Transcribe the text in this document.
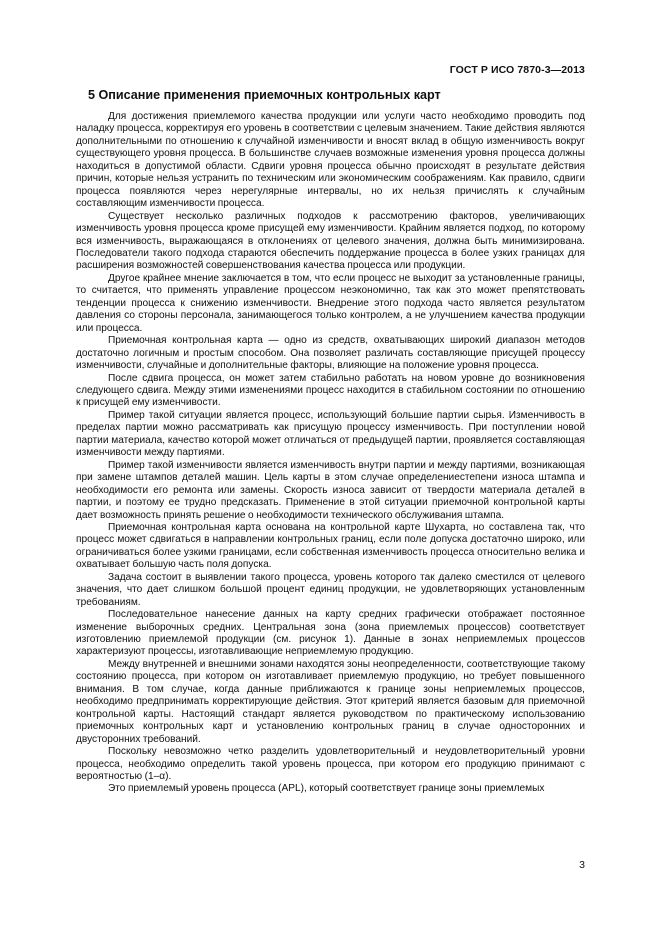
ГОСТ Р ИСО 7870-3—2013
5 Описание применения приемочных контрольных карт

Для достижения приемлемого качества продукции или услуги часто необходимо проводить под наладку процесса, корректируя его уровень в соответствии с целевым значением. Такие действия являются дополнительными по отношению к случайной изменчивости и вносят вклад в общую изменчивость вокруг существующего уровня процесса. В большинстве случаев возможные изменения уровня процесса должны находиться в допустимой области. Сдвиги уровня процесса обычно происходят в результате действия причин, которые нельзя устранить по техническим или экономическим соображениям. Как правило, сдвиги процесса появляются через нерегулярные интервалы, но их нельзя причислять к случайным составляющим изменчивости процесса.

Существует несколько различных подходов к рассмотрению факторов, увеличивающих изменчивость уровня процесса кроме присущей ему изменчивости. Крайним является подход, по которому вся изменчивость, выражающаяся в отклонениях от целевого значения, должна быть минимизирована. Последователи такого подхода стараются обеспечить поддержание процесса в более узких границах для расширения возможностей совершенствования качества процесса или продукции.

Другое крайнее мнение заключается в том, что если процесс не выходит за установленные границы, то считается, что применять управление процессом неэкономично, так как это может препятствовать тенденции процесса к снижению изменчивости. Внедрение этого подхода часто является результатом давления со стороны персонала, занимающегося только контролем, а не улучшением качества продукции или процесса.

Приемочная контрольная карта — одно из средств, охватывающих широкий диапазон методов достаточно логичным и простым способом. Она позволяет различать составляющие присущей процессу изменчивости, случайные и дополнительные факторы, влияющие на положение уровня процесса.

После сдвига процесса, он может затем стабильно работать на новом уровне до возникновения следующего сдвига. Между этими изменениями процесс находится в стабильном состоянии по отношению к присущей ему изменчивости.

Пример такой ситуации является процесс, использующий большие партии сырья. Изменчивость в пределах партии можно рассматривать как присущую процессу изменчивость. При поступлении новой партии материала, качество которой может отличаться от предыдущей партии, проявляется составляющая изменчивости между партиями.

Пример такой изменчивости является изменчивость внутри партии и между партиями, возникающая при замене штампов деталей машин. Цель карты в этом случае определениестепени износа штампа и необходимости его ремонта или замены. Скорость износа зависит от твердости материала деталей в партии, и поэтому ее трудно предсказать. Применение в этой ситуации приемочной контрольной карты дает возможность принять решение о необходимости технического обслуживания штампа.

Приемочная контрольная карта основана на контрольной карте Шухарта, но составлена так, что процесс может сдвигаться в направлении контрольных границ, если поле допуска достаточно широко, или ограничиваться более узкими границами, если собственная изменчивость процесса относительно велика и охватывает большую часть поля допуска.

Задача состоит в выявлении такого процесса, уровень которого так далеко сместился от целевого значения, что дает слишком большой процент единиц продукции, не удовлетворяющих установленным требованиям.

Последовательное нанесение данных на карту средних графически отображает постоянное изменение выборочных средних. Центральная зона (зона приемлемых процессов) соответствует изготовлению приемлемой продукции (см. рисунок 1). Данные в зонах неприемлемых процессов характеризуют процессы, изготавливающие неприемлемую продукцию.

Между внутренней и внешними зонами находятся зоны неопределенности, соответствующие такому состоянию процесса, при котором он изготавливает приемлемую продукцию, но требует повышенного внимания. В том случае, когда данные приближаются к границе зоны неприемлемых процессов, необходимо предпринимать корректирующие действия. Этот критерий является базовым для приемочной контрольной карты. Настоящий стандарт является руководством по практическому использованию приемочных контрольных карт и установлению контрольных границ в случае односторонних и двусторонних требований.

Поскольку невозможно четко разделить удовлетворительный и неудовлетворительный уровни процесса, необходимо определить такой уровень процесса, при котором его продукцию принимают с вероятностью (1–α).

Это приемлемый уровень процесса (APL), который соответствует границе зоны приемлемых

3
